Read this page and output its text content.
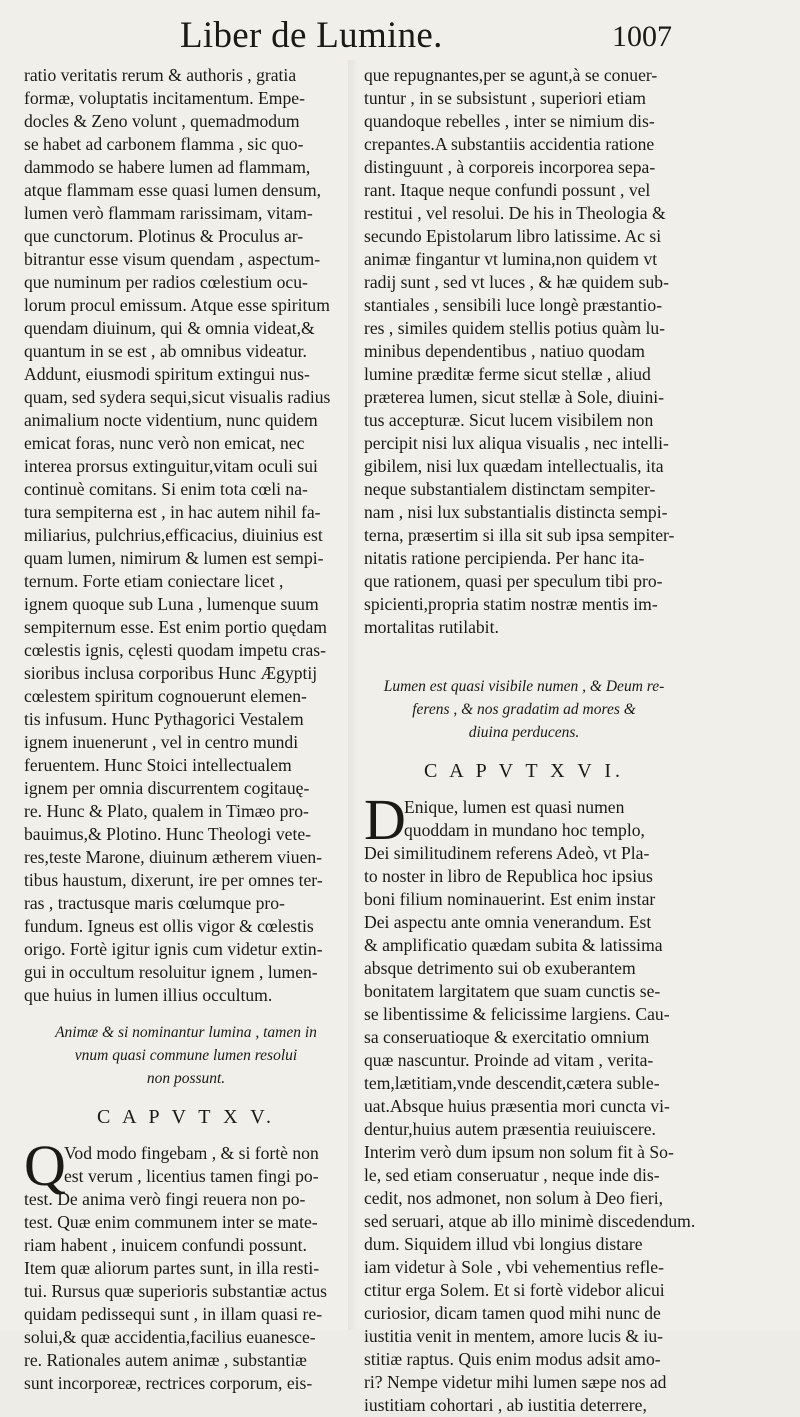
Liber de Lumine.	1007
ratio veritatis rerum & authoris , gratia
formæ, voluptatis incitamentum. Empe-
docles & Zeno volunt , quemadmodum
se habet ad carbonem flamma , sic quo-
dammodo se habere lumen ad flammam,
atque flammam esse quasi lumen densum,
lumen verò flammam rarissimam, vitam-
que cunctorum. Plotinus & Proculus ar-
bitrantur esse visum quendam , aspectum-
que numinum per radios cœlestium ocu-
lorum procul emissum. Atque esse spiritum
quendam diuinum, qui & omnia videat,&
quantum in se est , ab omnibus videatur.
Addunt, eiusmodi spiritum extingui nus-
quam, sed sydera sequi,sicut visualis radius
animalium nocte videntium, nunc quidem
emicat foras, nunc verò non emicat, nec
interea prorsus extinguitur,vitam oculi sui
continuè comitans. Si enim tota cœli na-
tura sempiterna est , in hac autem nihil fa-
miliarius, pulchrius,efficacius, diuinius est
quam lumen, nimirum & lumen est sempi-
ternum. Forte etiam coniectare licet ,
ignem quoque sub Luna , lumenque suum
sempiternum esse. Est enim portio quędam
cœlestis ignis, cęlesti quodam impetu cras-
sioribus inclusa corporibus Hunc Ægyptij
cœlestem spiritum cognouerunt elemen-
tis infusum. Hunc Pythagorici Vestalem
ignem inuenerunt , vel in centro mundi
feruentem. Hunc Stoici intellectualem
ignem per omnia discurrentem cogitauę-
re. Hunc & Plato, qualem in Timæo pro-
bauimus,& Plotino. Hunc Theologi vete-
res,teste Marone, diuinum ætherem viuen-
tibus haustum, dixerunt, ire per omnes ter-
ras , tractusque maris cœlumque pro-
fundum. Igneus est ollis vigor & cœlestis
origo. Fortè igitur ignis cum videtur extin-
gui in occultum resoluitur ignem , lumen-
que huius in lumen illius occultum.
Animæ & si nominantur lumina , tamen in
vnum quasi commune lumen resolui
non possunt.
C A P V T X V.
Q
Vod modo fingebam , & si fortè non
est verum , licentius tamen fingi po-
test. De anima verò fingi reuera non po-
test. Quæ enim communem inter se mate-
riam habent , inuicem confundi possunt.
Item quæ aliorum partes sunt, in illa resti-
tui. Rursus quæ superioris substantiæ actus
quidam pedissequi sunt , in illam quasi re-
solui,& quæ accidentia,facilius euanesce-
re. Rationales autem animæ , substantiæ
sunt incorporeæ, rectrices corporum, eis-
que repugnantes,per se agunt,à se conuer-
tuntur , in se subsistunt , superiori etiam
quandoque rebelles , inter se nimium dis-
crepantes.A substantiis accidentia ratione
distinguunt , à corporeis incorporea sepa-
rant. Itaque neque confundi possunt , vel
restitui , vel resolui. De his in Theologia &
secundo Epistolarum libro latissime. Ac si
animæ fingantur vt lumina,non quidem vt
radij sunt , sed vt luces , & hæ quidem sub-
stantiales , sensibili luce longè præstantio-
res , similes quidem stellis potius quàm lu-
minibus dependentibus , natiuo quodam
lumine præditæ ferme sicut stellæ , aliud
præterea lumen, sicut stellæ à Sole, diuini-
tus accepturæ. Sicut lucem visibilem non
percipit nisi lux aliqua visualis , nec intelli-
gibilem, nisi lux quædam intellectualis, ita
neque substantialem distinctam sempiter-
nam , nisi lux substantialis distincta sempi-
terna, præsertim si illa sit sub ipsa sempiter-
nitatis ratione percipienda. Per hanc ita-
que rationem, quasi per speculum tibi pro-
spicienti,propria statim nostræ mentis im-
mortalitas rutilabit.
Lumen est quasi visibile numen , & Deum re-
ferens , & nos gradatim ad mores &
diuina perducens.
C A P V T X V I.
D
Enique, lumen est quasi numen
quoddam in mundano hoc templo,
Dei similitudinem referens Adeò, vt Pla-
to noster in libro de Republica hoc ipsius
boni filium nominauerint. Est enim instar
Dei aspectu ante omnia venerandum. Est
& amplificatio quædam subita & latissima
absque detrimento sui ob exuberantem
bonitatem largitatem que suam cunctis se-
se libentissime & felicissime largiens. Cau-
sa conseruatioque & exercitatio omnium
quæ nascuntur. Proinde ad vitam , verita-
tem,lætitiam,vnde descendit,cætera suble-
uat.Absque huius præsentia mori cuncta vi-
dentur,huius autem præsentia reuiuiscere.
Interim verò dum ipsum non solum fit à So-
le, sed etiam conseruatur , neque inde dis-
cedit, nos admonet, non solum à Deo fieri,
sed seruari, atque ab illo minimè discedendum.
dum. Siquidem illud vbi longius distare
iam videtur à Sole , vbi vehementius refle-
ctitur erga Solem. Et si fortè videbor alicui
curiosior, dicam tamen quod mihi nunc de
iustitia venit in mentem, amore lucis & iu-
stitiæ raptus. Quis enim modus adsit amo-
ri? Nempe videtur mihi lumen sæpe nos ad
iustitiam cohortari , ab iustitia deterrere,
